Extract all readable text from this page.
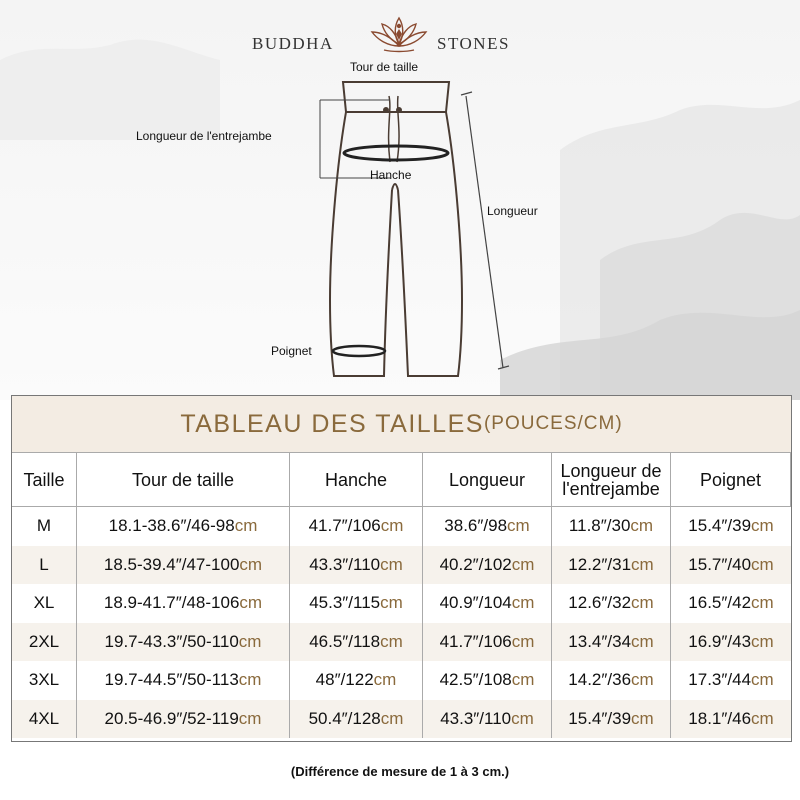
BUDDHA	STONES
Tour de taille
Longueur de l'entrejambe
Hanche
Longueur
Poignet
TABLEAU DES TAILLES (POUCES/CM)
Taille	Tour de taille	Hanche	Longueur	Longueur de l'entrejambe	Poignet
M	18.1-38.6″/46-98 cm	41.7″/106 cm 38.6″/98 cm 11.8″/30 cm 15.4″/39 cm
L	18.5-39.4″/47-100 cm	43.3″/110 cm 40.2″/102 cm 12.2″/31 cm 15.7″/40 cm
XL	18.9-41.7″/48-106 cm	45.3″/115 cm 40.9″/104 cm 12.6″/32 cm 16.5″/42 cm
2XL	19.7-43.3″/50-110 cm	46.5″/118 cm 41.7″/106 cm 13.4″/34 cm 16.9″/43 cm
3XL	19.7-44.5″/50-113 cm	48″/122 cm	42.5″/108 cm 14.2″/36 cm 17.3″/44 cm
4XL	20.5-46.9″/52-119 cm	50.4″/128 cm 43.3″/110 cm 15.4″/39 cm 18.1″/46 cm
(Différence de mesure de 1 à 3 cm.)
